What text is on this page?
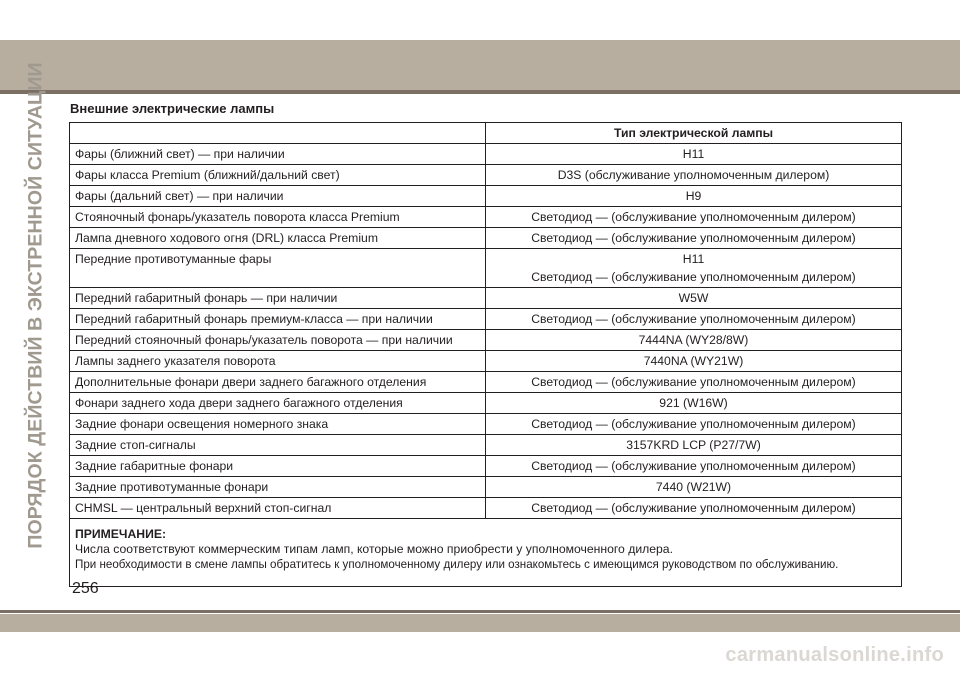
ПОРЯДОК ДЕЙСТВИЙ В ЭКСТРЕННОЙ СИТУАЦИИ Внешние электрические лампы
	Тип электрической лампы
Фары (ближний свет) — при наличии	H11

Фары класса Premium (ближний/дальний свет)	D3S (обслуживание уполномоченным дилером)

Фары (дальний свет) — при наличии	H9

Стояночный фонарь/указатель поворота класса Premium	Светодиод — (обслуживание уполномоченным дилером)

Лампа дневного ходового огня (DRL) класса Premium	Светодиод — (обслуживание уполномоченным дилером)

Передние противотуманные фары	H11
Светодиод — (обслуживание уполномоченным дилером)

Передний габаритный фонарь — при наличии	W5W

Передний габаритный фонарь премиум-класса — при наличии	Светодиод — (обслуживание уполномоченным дилером)

Передний стояночный фонарь/указатель поворота — при наличии	7444NA (WY28/8W)

Лампы заднего указателя поворота	7440NA (WY21W)

Дополнительные фонари двери заднего багажного отделения	Светодиод — (обслуживание уполномоченным дилером)

Фонари заднего хода двери заднего багажного отделения	921 (W16W)

Задние фонари освещения номерного знака	Светодиод — (обслуживание уполномоченным дилером)

Задние стоп-сигналы	3157KRD LCP (P27/7W)

Задние габаритные фонари	Светодиод — (обслуживание уполномоченным дилером)

Задние противотуманные фонари	7440 (W21W)

CHMSL — центральный верхний стоп-сигнал	Светодиод — (обслуживание уполномоченным дилером)

ПРИМЕЧАНИЕ:
Числа соответствуют коммерческим типам ламп, которые можно приобрести у уполномоченного дилера.
При необходимости в смене лампы обратитесь к уполномоченному дилеру или ознакомьтесь с имеющимся руководством по обслуживанию.	
256
carmanualsonline.info
